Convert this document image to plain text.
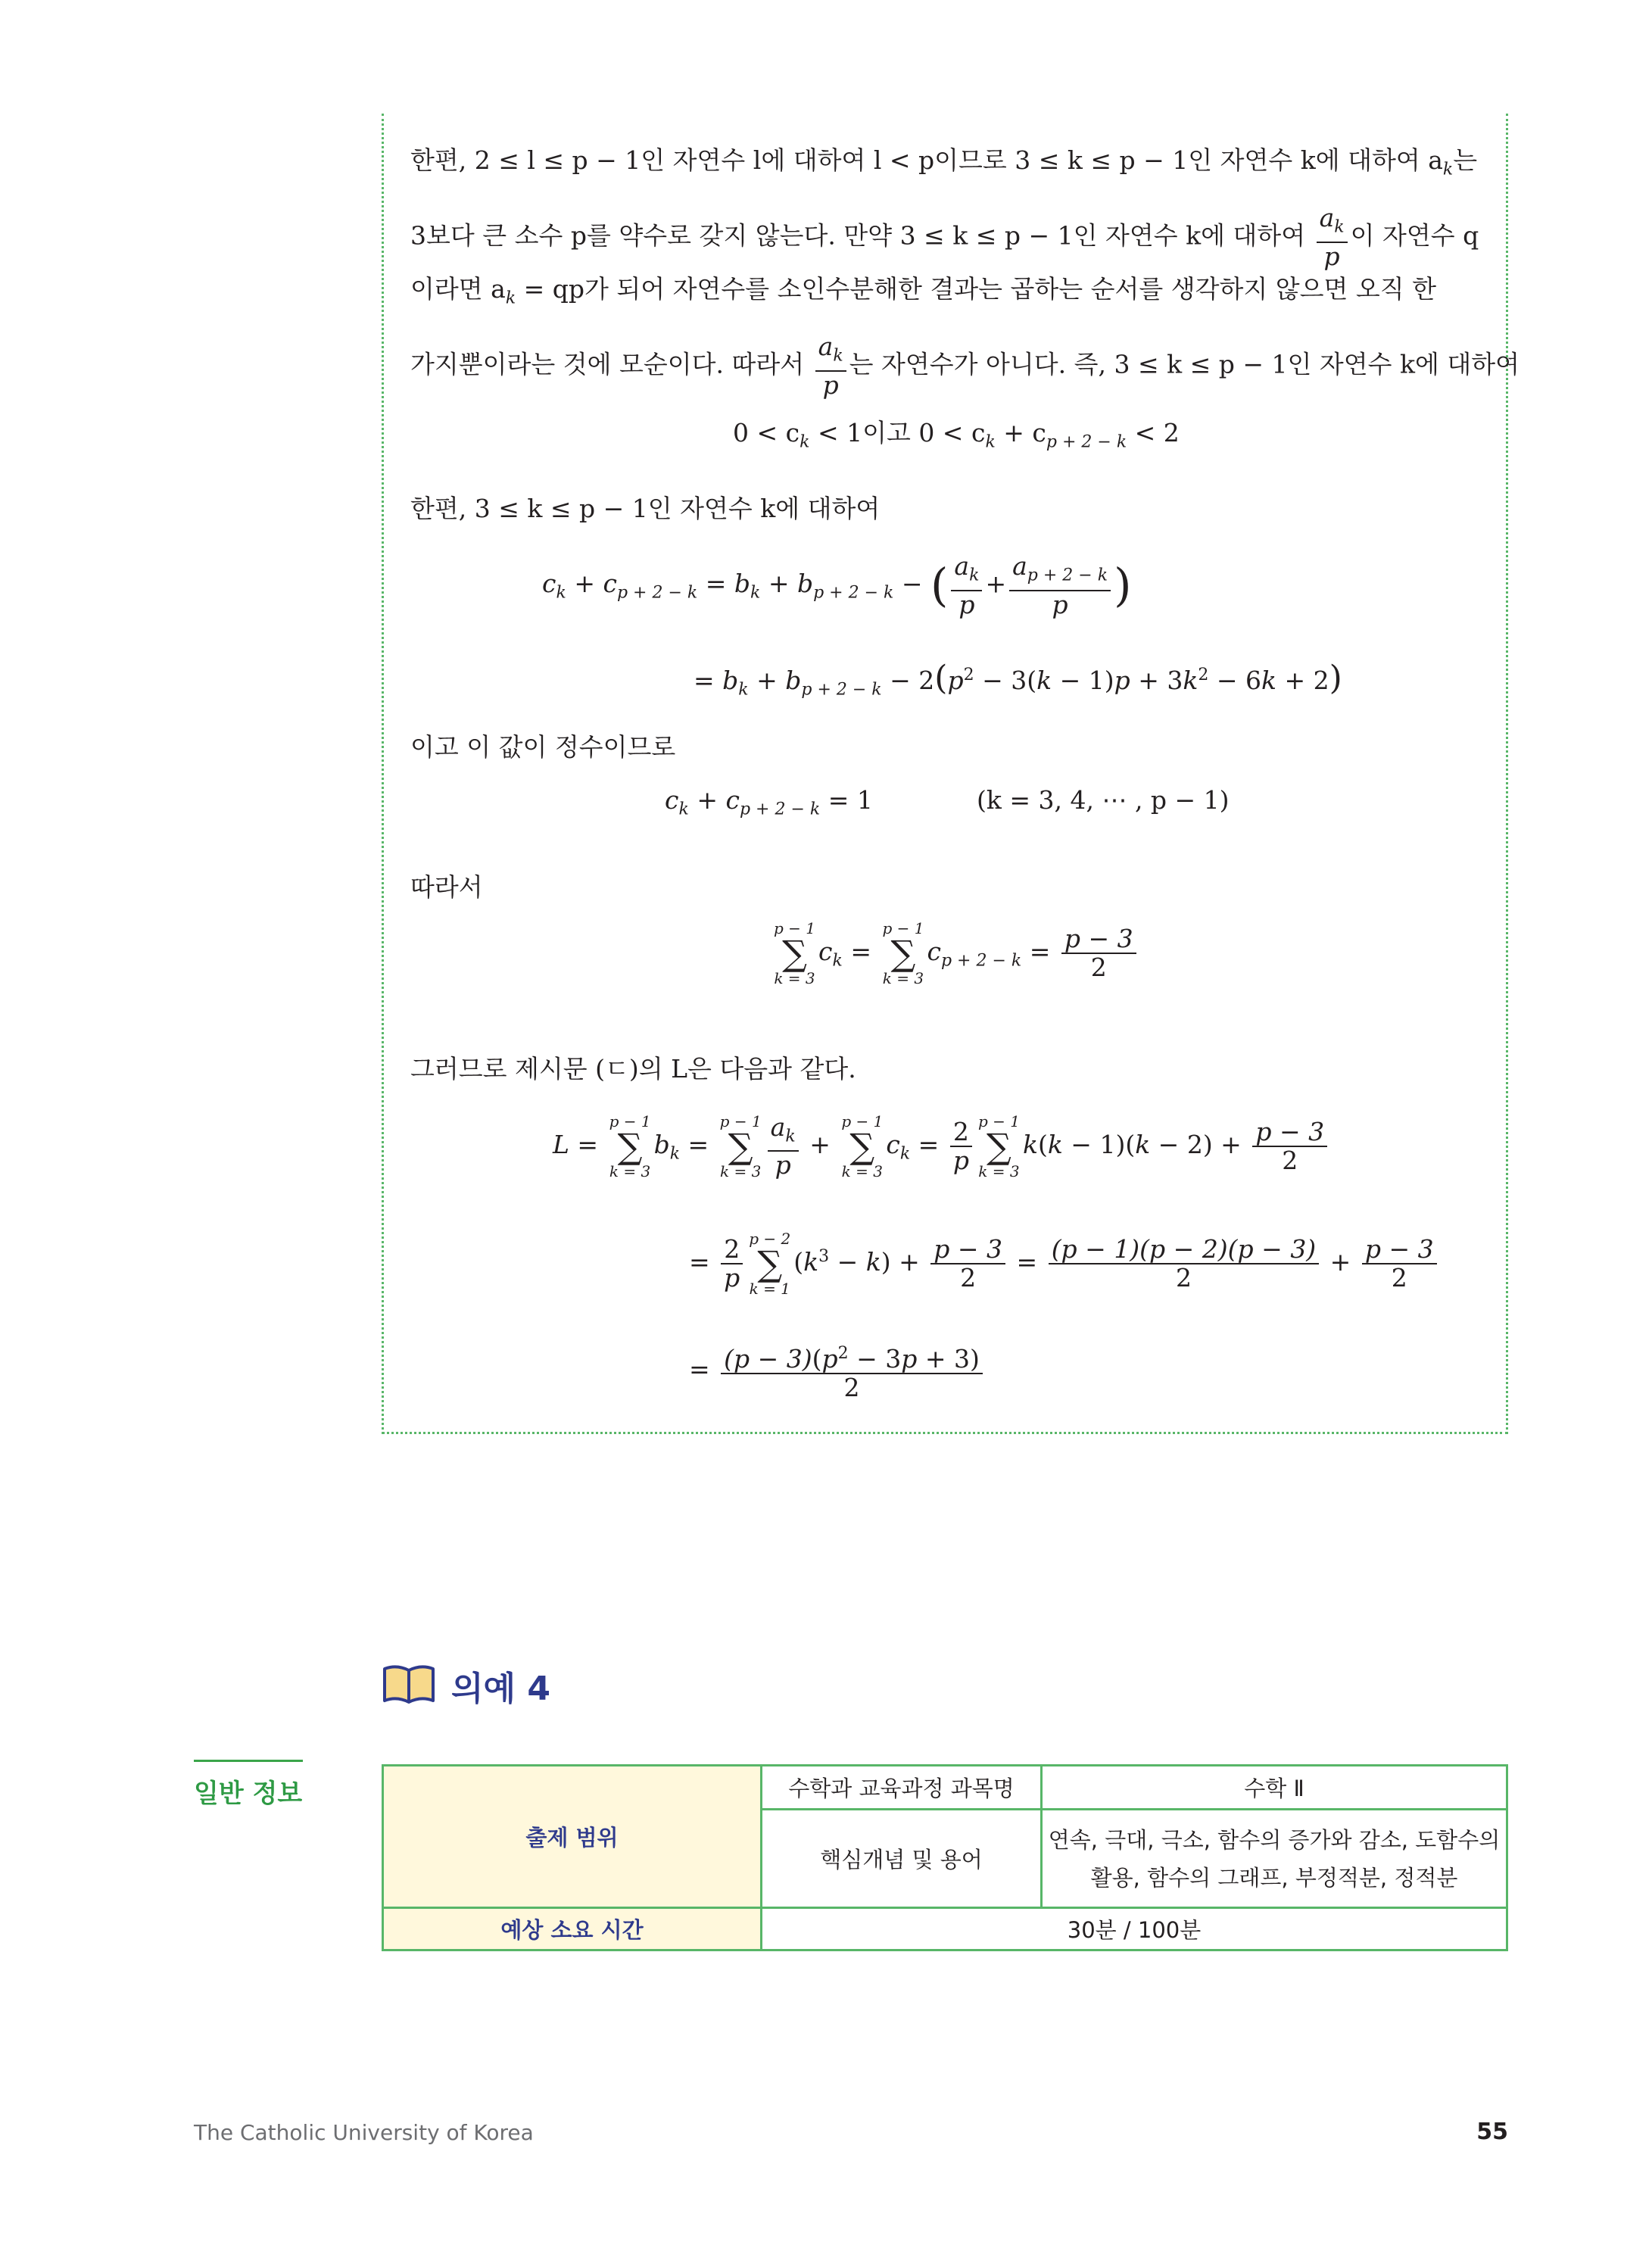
한편, 2 ≤ l ≤ p − 1인 자연수 l에 대하여 l < p이므로 3 ≤ k ≤ p − 1인 자연수 k에 대하여 $a_k$는
3보다 큰 소수 p를 약수로 갖지 않는다. 만약 3 ≤ k ≤ p − 1인 자연수 k에 대하여 $\frac{a_k}{p}$ 이 자연수 q
이라면 $a_k$ = qp가 되어 자연수를 소인수분해한 결과는 곱하는 순서를 생각하지 않으면 오직 한
가지뿐이라는 것에 모순이다. 따라서 $\frac{a_k}{p}$ 는 자연수가 아니다. 즉, 3 ≤ k ≤ p − 1인 자연수 k에 대하여
$0 < c_k < 1$이고 $0 < c_k + c_{p + 2 - k} < 2$
한편, 3 ≤ k ≤ p − 1인 자연수 k에 대하여
$c_k + c_{p + 2 - k} = b_k + b_{p + 2 - k}$ − ( $\frac{a_k}{p} + \frac{a_{p + 2 - k}}{p}$ )
= $b_k + b_{p + 2 - k} - 2(p^2 - 3(k - 1)p + 3k^2 - 6k + 2)$
이고 이 값이 정수이므로
$c_k + c_{p + 2 - k} = 1$	(k = 3, 4, ⋯ , p − 1)
따라서
p − 1
∑
k = 3
$c_k$ =
p − 1
∑
k = 3
$c_{p + 2 - k} = \frac{p - 3}{2}$
그러므로 제시문 (ㄷ)의 L은 다음과 같다.
L =
p − 1
∑
k = 3
$b_k$ =
p − 1
∑
$k = 3 \frac{a_k}{p}$ +
p − 1
∑
k = 3
$c_k = \frac{2}{p}$ p − 1
∑
k = 3
$k(k - 1)(k - 2) + \frac{p - 3}{2}$
= $\frac{2}{p}$ p − 2
∑
k = 1
$(k^3 - k) + \frac{p - 3}{2} = \frac{(p - 1)(p - 2)(p - 3)}{2} + \frac{p - 3}{2}$
= $\frac{(p - 3)(p^2 - 3p + 3)}{2}$
의예 4
일반 정보
출제 범위	수학과 교육과정 과목명	수학 Ⅱ
	핵심개념 및 용어	연속, 극대, 극소, 함수의 증가와 감소, 도함수의
활용, 함수의 그래프, 부정적분, 정적분
예상 소요 시간	30분 / 100분	
The Catholic University of Korea	55
